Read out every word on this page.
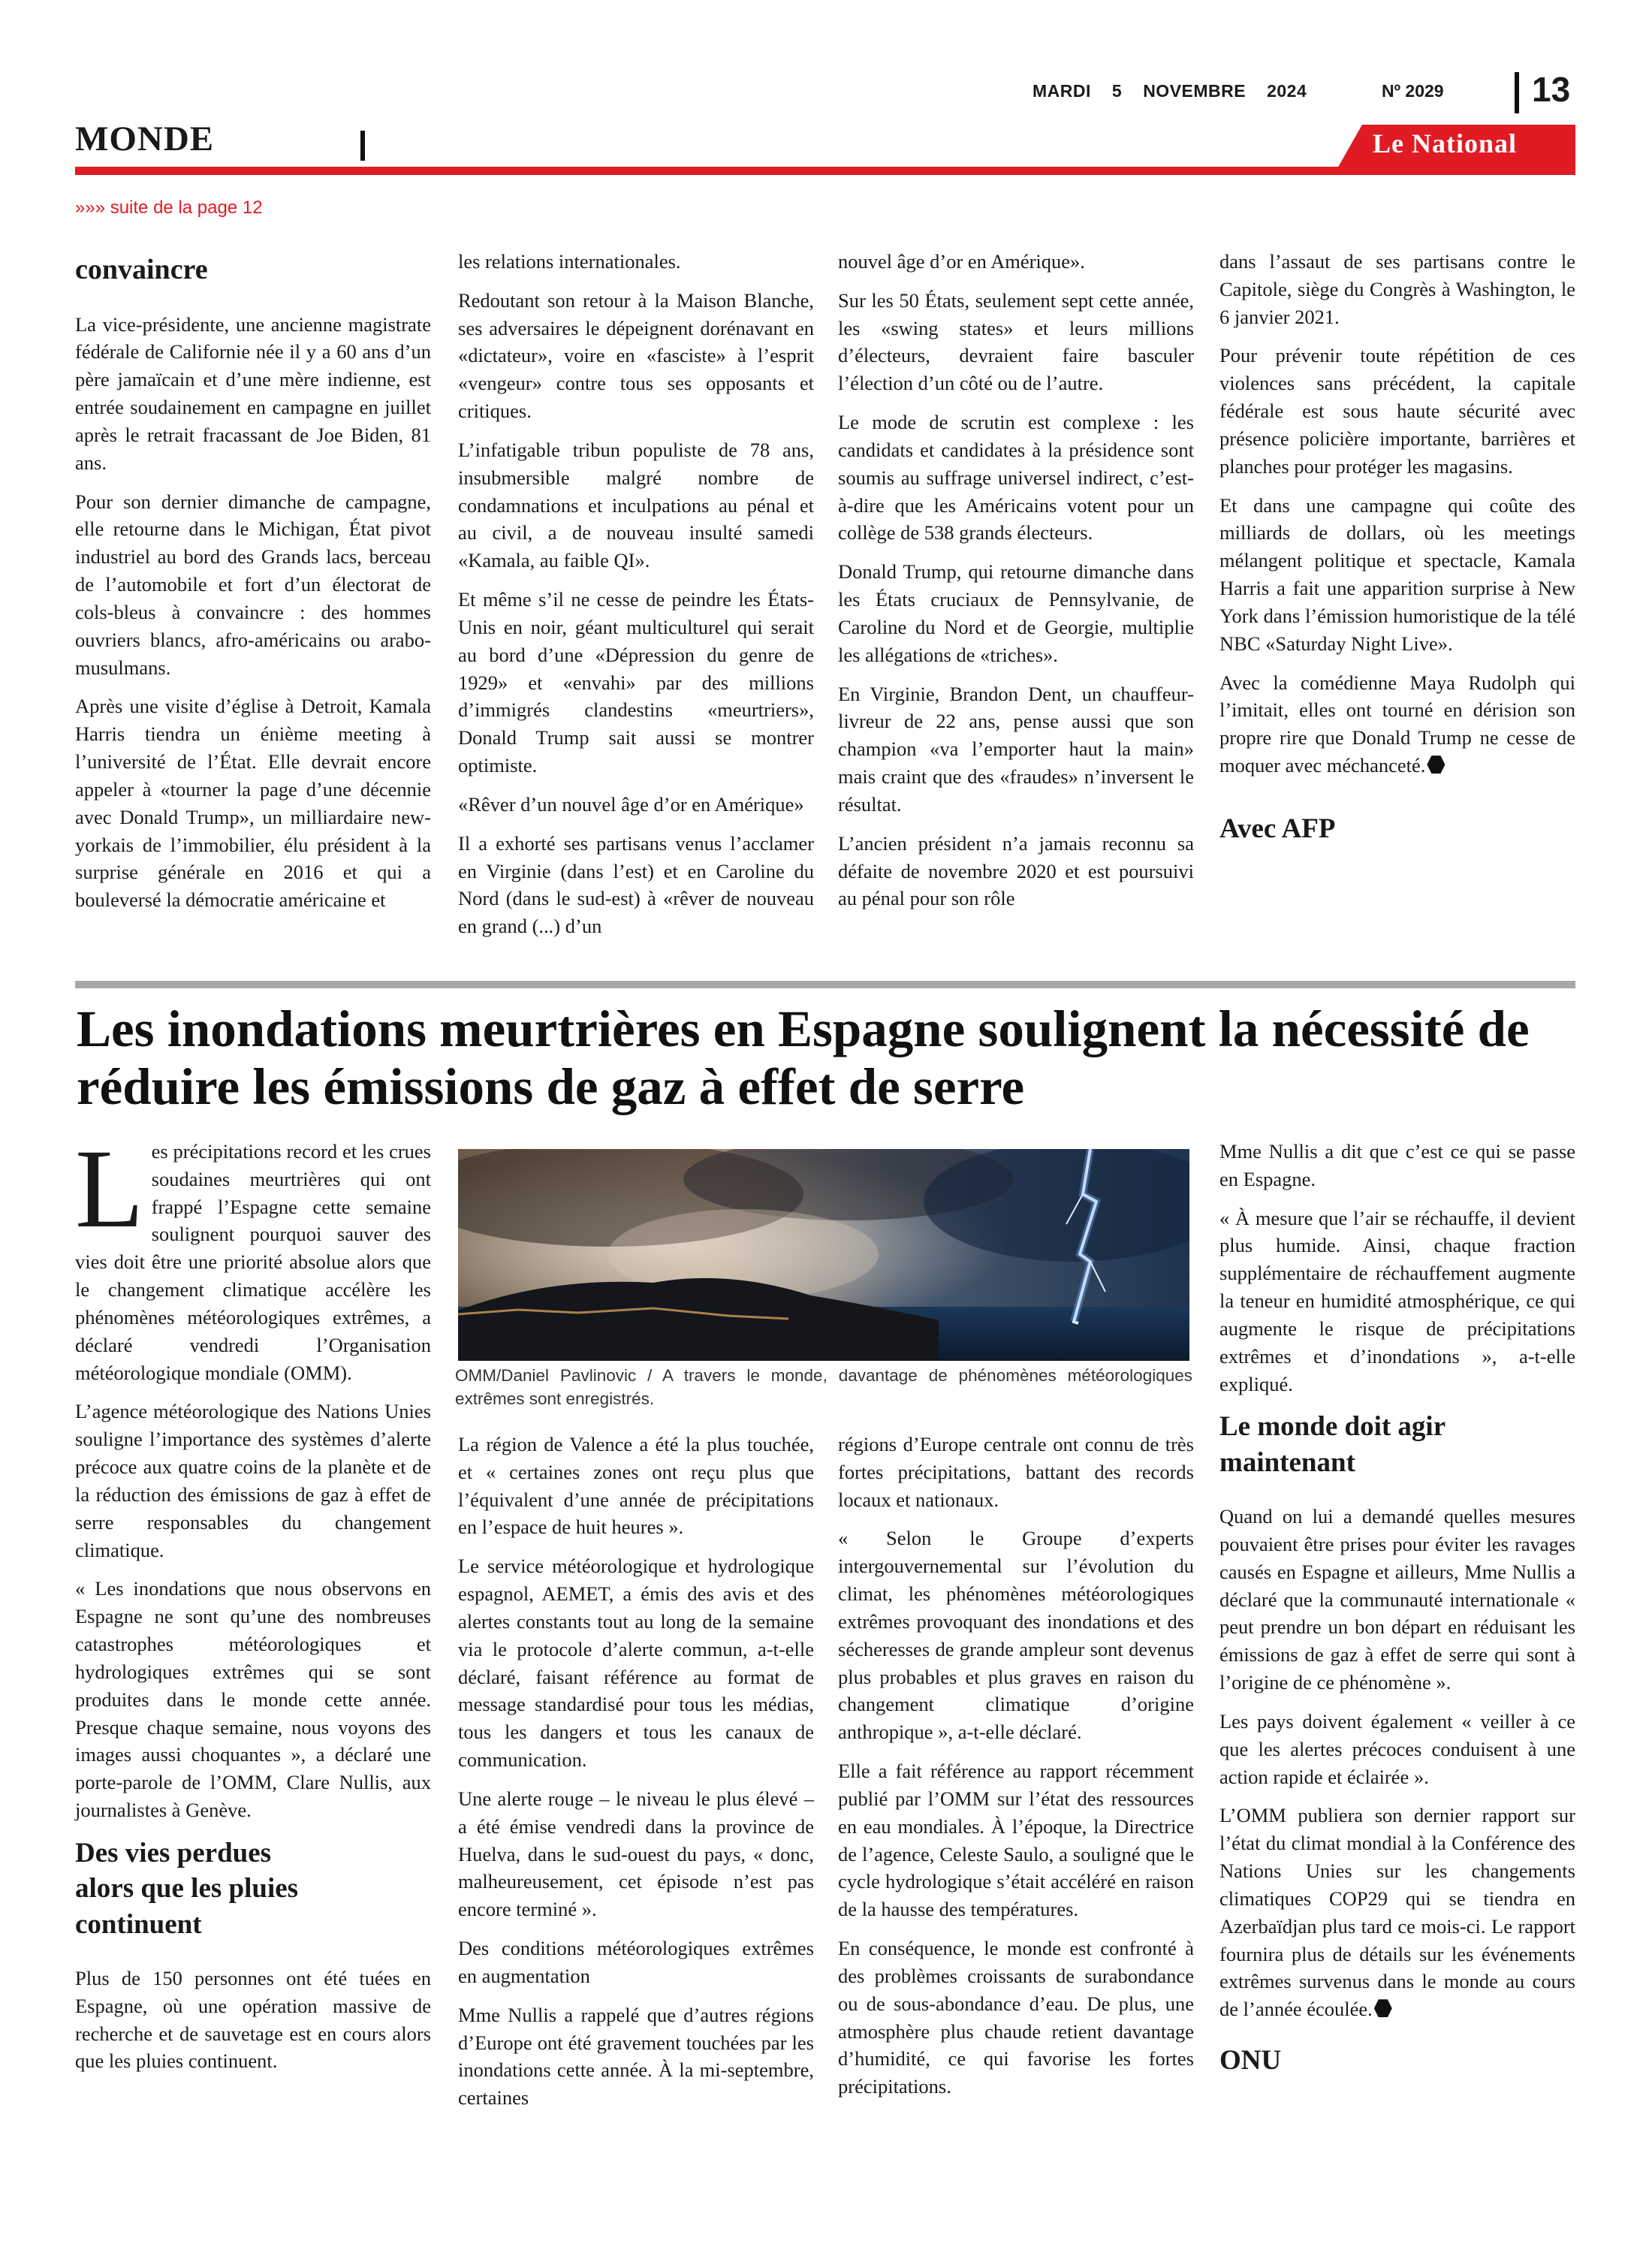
MARDI 5 NOVEMBRE 2024	Nº 2029	13
MONDE	Le National
»»» suite de la page 12
convaincre

La vice-présidente, une ancienne magistrate fédérale de Californie née il y a 60 ans d’un père jamaïcain et d’une mère indienne, est entrée soudainement en campagne en juillet après le retrait fracassant de Joe Biden, 81 ans.

Pour son dernier dimanche de campagne, elle retourne dans le Michigan, État pivot industriel au bord des Grands lacs, berceau de l’automobile et fort d’un électorat de cols-bleus à convaincre : des hommes ouvriers blancs, afro-américains ou arabo-musulmans.

Après une visite d’église à Detroit, Kamala Harris tiendra un énième meeting à l’université de l’État. Elle devrait encore appeler à «tourner la page d’une décennie avec Donald Trump», un milliardaire new-yorkais de l’immobilier, élu président à la surprise générale en 2016 et qui a bouleversé la démocratie américaine et

les relations internationales.

Redoutant son retour à la Maison Blanche, ses adversaires le dépeignent dorénavant en «dictateur», voire en «fasciste» à l’esprit «vengeur» contre tous ses opposants et critiques.

L’infatigable tribun populiste de 78 ans, insubmersible malgré nombre de condamnations et inculpations au pénal et au civil, a de nouveau insulté samedi «Kamala, au faible QI».

Et même s’il ne cesse de peindre les États-Unis en noir, géant multiculturel qui serait au bord d’une «Dépression du genre de 1929» et «envahi» par des millions d’immigrés clandestins «meurtriers», Donald Trump sait aussi se montrer optimiste.

«Rêver d’un nouvel âge d’or en Amérique»

Il a exhorté ses partisans venus l’acclamer en Virginie (dans l’est) et en Caroline du Nord (dans le sud-est) à «rêver de nouveau en grand (...) d’un

nouvel âge d’or en Amérique».

Sur les 50 États, seulement sept cette année, les «swing states» et leurs millions d’électeurs, devraient faire basculer l’élection d’un côté ou de l’autre.

Le mode de scrutin est complexe : les candidats et candidates à la présidence sont soumis au suffrage universel indirect, c’est-à-dire que les Américains votent pour un collège de 538 grands électeurs.

Donald Trump, qui retourne dimanche dans les États cruciaux de Pennsylvanie, de Caroline du Nord et de Georgie, multiplie les allégations de «triches».

En Virginie, Brandon Dent, un chauffeur-livreur de 22 ans, pense aussi que son champion «va l’emporter haut la main» mais craint que des «fraudes» n’inversent le résultat.

L’ancien président n’a jamais reconnu sa défaite de novembre 2020 et est poursuivi au pénal pour son rôle

dans l’assaut de ses partisans contre le Capitole, siège du Congrès à Washington, le 6 janvier 2021.

Pour prévenir toute répétition de ces violences sans précédent, la capitale fédérale est sous haute sécurité avec présence policière importante, barrières et planches pour protéger les magasins.

Et dans une campagne qui coûte des milliards de dollars, où les meetings mélangent politique et spectacle, Kamala Harris a fait une apparition surprise à New York dans l’émission humoristique de la télé NBC «Saturday Night Live».

Avec la comédienne Maya Rudolph qui l’imitait, elles ont tourné en dérision son propre rire que Donald Trump ne cesse de moquer avec méchanceté.

Avec AFP
Les inondations meurtrières en Espagne soulignent la nécessité de réduire les émissions de gaz à effet de serre

Les précipitations record et les crues soudaines meurtrières qui ont frappé l’Espagne cette semaine soulignent pourquoi sauver des vies doit être une priorité absolue alors que le changement climatique accélère les phénomènes météorologiques extrêmes, a déclaré vendredi l’Organisation météorologique mondiale (OMM).

L’agence météorologique des Nations Unies souligne l’importance des systèmes d’alerte précoce aux quatre coins de la planète et de la réduction des émissions de gaz à effet de serre responsables du changement climatique.

« Les inondations que nous observons en Espagne ne sont qu’une des nombreuses catastrophes météorologiques et hydrologiques extrêmes qui se sont produites dans le monde cette année. Presque chaque semaine, nous voyons des images aussi choquantes », a déclaré une porte-parole de l’OMM, Clare Nullis, aux journalistes à Genève.

Des vies perdues alors que les pluies continuent

Plus de 150 personnes ont été tuées en Espagne, où une opération massive de recherche et de sauvetage est en cours alors que les pluies continuent.

OMM/Daniel Pavlinovic / A travers le monde, davantage de phénomènes météorologiques extrêmes sont enregistrés.

La région de Valence a été la plus touchée, et « certaines zones ont reçu plus que l’équivalent d’une année de précipitations en l’espace de huit heures ».

Le service météorologique et hydrologique espagnol, AEMET, a émis des avis et des alertes constants tout au long de la semaine via le protocole d’alerte commun, a-t-elle déclaré, faisant référence au format de message standardisé pour tous les médias, tous les dangers et tous les canaux de communication.

Une alerte rouge – le niveau le plus élevé – a été émise vendredi dans la province de Huelva, dans le sud-ouest du pays, « donc, malheureusement, cet épisode n’est pas encore terminé ».

Des conditions météorologiques extrêmes en augmentation

Mme Nullis a rappelé que d’autres régions d’Europe ont été gravement touchées par les inondations cette année. À la mi-septembre, certaines

régions d’Europe centrale ont connu de très fortes précipitations, battant des records locaux et nationaux.

« Selon le Groupe d’experts intergouvernemental sur l’évolution du climat, les phénomènes météorologiques extrêmes provoquant des inondations et des sécheresses de grande ampleur sont devenus plus probables et plus graves en raison du changement climatique d’origine anthropique », a-t-elle déclaré.

Elle a fait référence au rapport récemment publié par l’OMM sur l’état des ressources en eau mondiales. À l’époque, la Directrice de l’agence, Celeste Saulo, a souligné que le cycle hydrologique s’était accéléré en raison de la hausse des températures.

En conséquence, le monde est confronté à des problèmes croissants de surabondance ou de sous-abondance d’eau. De plus, une atmosphère plus chaude retient davantage d’humidité, ce qui favorise les fortes précipitations.

Mme Nullis a dit que c’est ce qui se passe en Espagne.

« À mesure que l’air se réchauffe, il devient plus humide. Ainsi, chaque fraction supplémentaire de réchauffement augmente la teneur en humidité atmosphérique, ce qui augmente le risque de précipitations extrêmes et d’inondations », a-t-elle expliqué.

Le monde doit agir maintenant

Quand on lui a demandé quelles mesures pouvaient être prises pour éviter les ravages causés en Espagne et ailleurs, Mme Nullis a déclaré que la communauté internationale « peut prendre un bon départ en réduisant les émissions de gaz à effet de serre qui sont à l’origine de ce phénomène ».

Les pays doivent également « veiller à ce que les alertes précoces conduisent à une action rapide et éclairée ».

L’OMM publiera son dernier rapport sur l’état du climat mondial à la Conférence des Nations Unies sur les changements climatiques COP29 qui se tiendra en Azerbaïdjan plus tard ce mois-ci. Le rapport fournira plus de détails sur les événements extrêmes survenus dans le monde au cours de l’année écoulée.

ONU
